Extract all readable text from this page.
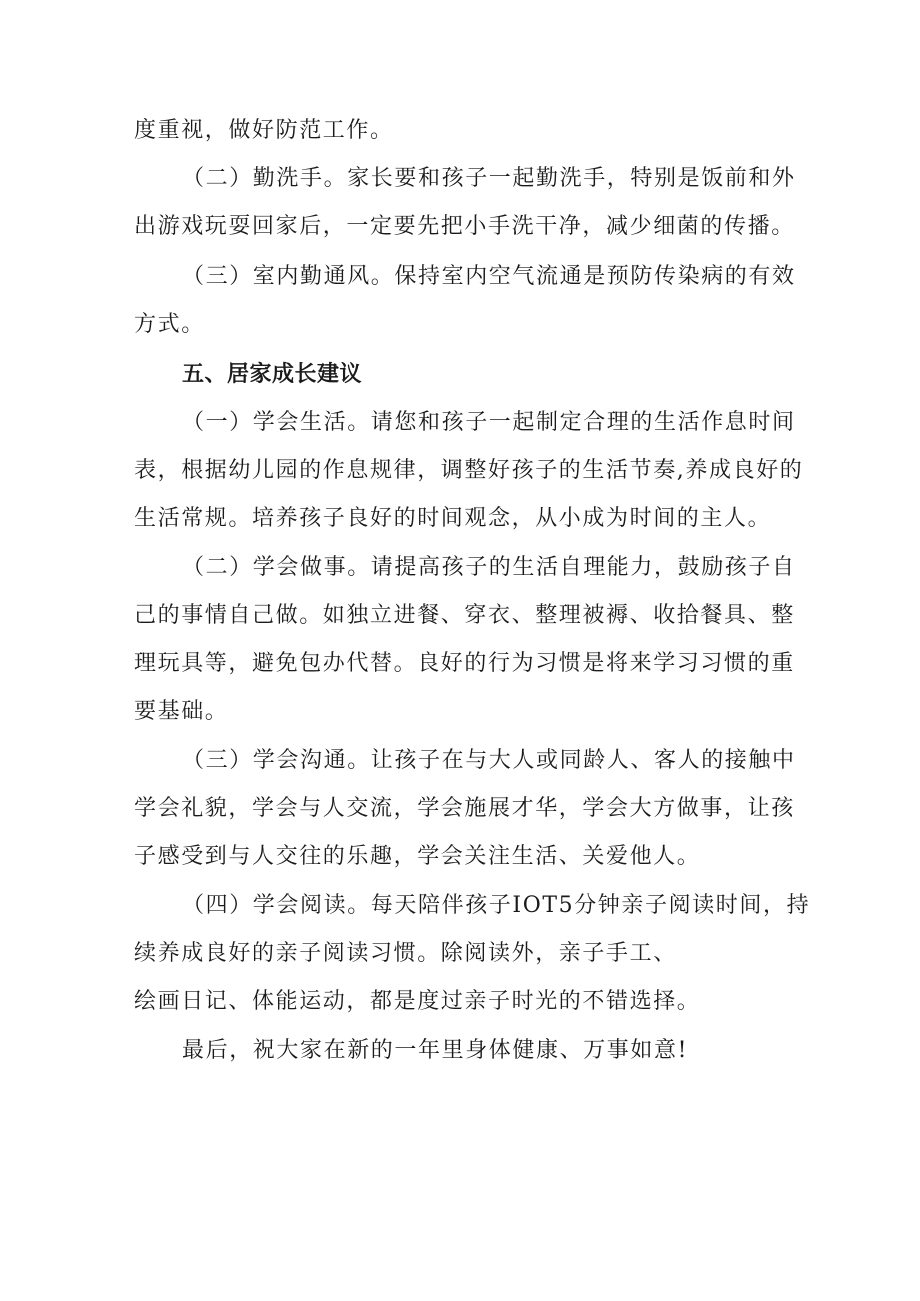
度重视，做好防范工作。
（二）勤洗手。家长要和孩子一起勤洗手，特别是饭前和外
出游戏玩耍回家后，一定要先把小手洗干净，减少细菌的传播。
（三）室内勤通风。保持室内空气流通是预防传染病的有效
方式。
五、居家成长建议
（一）学会生活。请您和孩子一起制定合理的生活作息时间
表，根据幼儿园的作息规律，调整好孩子的生活节奏,养成良好的
生活常规。培养孩子良好的时间观念，从小成为时间的主人。
（二）学会做事。请提高孩子的生活自理能力，鼓励孩子自
己的事情自己做。如独立进餐、穿衣、整理被褥、收拾餐具、整
理玩具等，避免包办代替。良好的行为习惯是将来学习习惯的重
要基础。
（三）学会沟通。让孩子在与大人或同龄人、客人的接触中
学会礼貌，学会与人交流，学会施展才华，学会大方做事，让孩
子感受到与人交往的乐趣，学会关注生活、关爱他人。
（四）学会阅读。每天陪伴孩子IOT5分钟亲子阅读时间，持
续养成良好的亲子阅读习惯。除阅读外，亲子手工、
绘画日记、体能运动，都是度过亲子时光的不错选择。
最后，祝大家在新的一年里身体健康、万事如意!
